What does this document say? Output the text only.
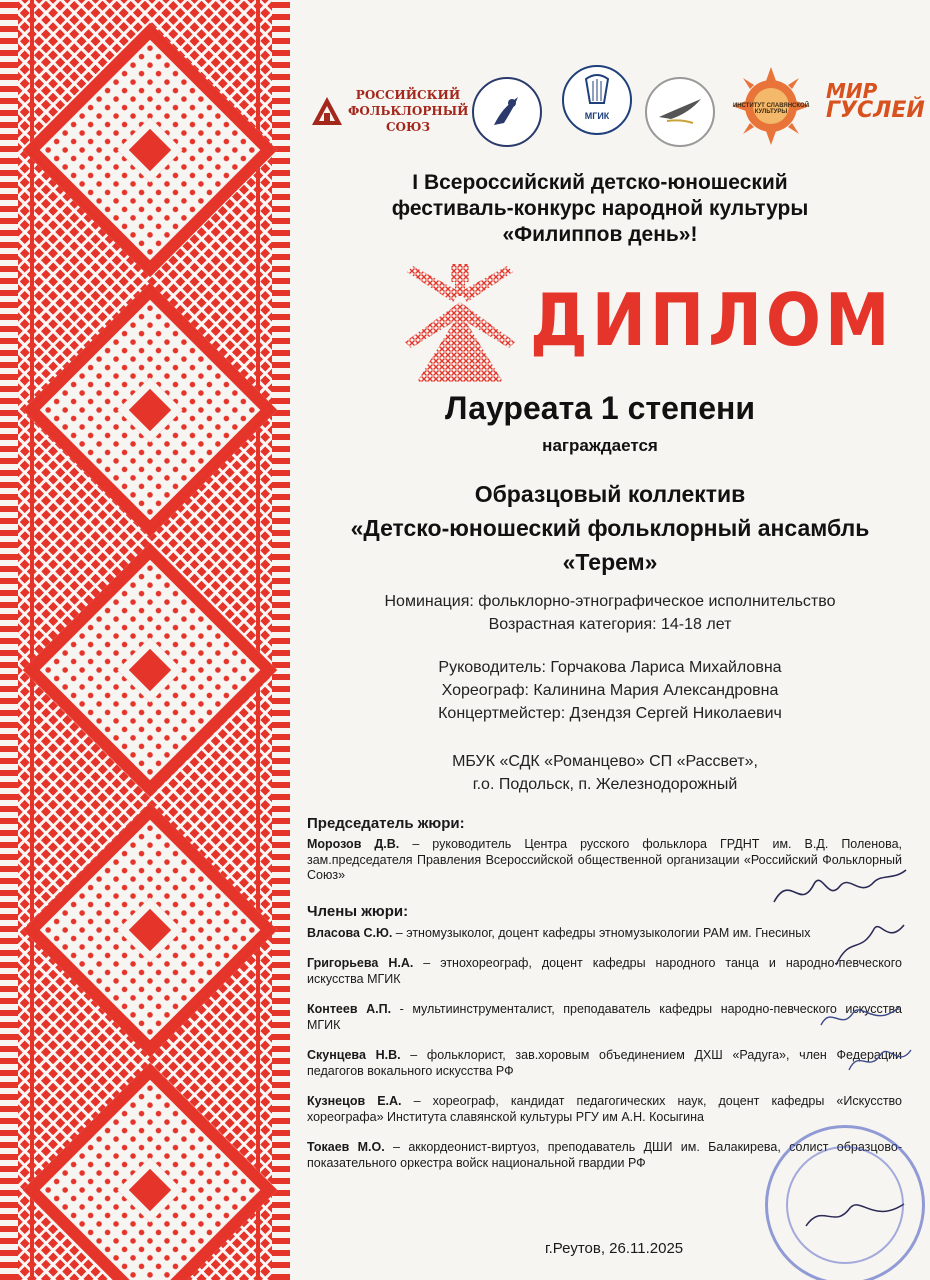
РОССИЙСКИЙ ФОЛЬКЛОРНЫЙ СОЮЗ
МГИК
ИНСТИТУТ СЛАВЯНСКОЙ КУЛЬТУРЫ
МИР
ГУСЛЕЙ
I Всероссийский детско-юношеский
фестиваль-конкурс народной культуры
«Филиппов день»!
ДИПЛОМ
Лауреата 1 степени
награждается
Образцовый коллектив
«Детско-юношеский фольклорный ансамбль
«Терем»
Номинация: фольклорно-этнографическое исполнительство
Возрастная категория: 14-18 лет
Руководитель: Горчакова Лариса Михайловна
Хореограф: Калинина Мария Александровна
Концертмейстер: Дзендзя Сергей Николаевич
МБУК «СДК «Романцево» СП «Рассвет»,
г.о. Подольск, п. Железнодорожный
Председатель жюри:
Морозов Д.В. – руководитель Центра русского фольклора ГРДНТ им. В.Д. Поленова, зам.председателя Правления Всероссийской общественной организации «Российский Фольклорный Союз»
Члены жюри:
Власова С.Ю. – этномузыколог, доцент кафедры этномузыкологии РАМ им. Гнесиных
Григорьева Н.А. – этнохореограф, доцент кафедры народного танца и народно-певческого искусства МГИК
Контеев А.П. - мультиинструменталист, преподаватель кафедры народно-певческого искусства МГИК
Скунцева Н.В. – фольклорист, зав.хоровым объединением ДХШ «Радуга», член Федерации педагогов вокального искусства РФ
Кузнецов Е.А. – хореограф, кандидат педагогических наук, доцент кафедры «Искусство хореографа» Института славянской культуры РГУ им А.Н. Косыгина
Токаев М.О. – аккордеонист-виртуоз, преподаватель ДШИ им. Балакирева, солист образцово-показательного оркестра войск национальной гвардии РФ
г.Реутов, 26.11.2025
